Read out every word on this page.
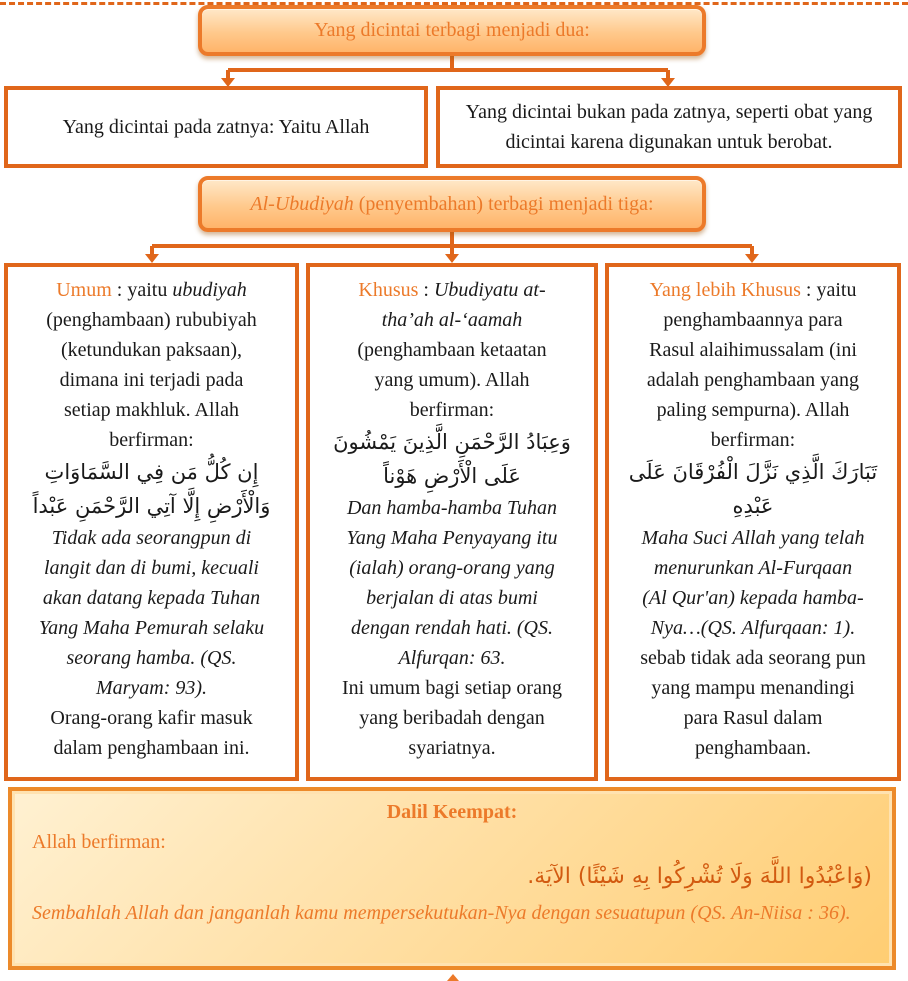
Yang dicintai terbagi menjadi dua:
Yang dicintai pada zatnya: Yaitu Allah
Yang dicintai bukan pada zatnya, seperti obat yang dicintai karena digunakan untuk berobat.
Al-Ubudiyah (penyembahan) terbagi menjadi tiga:
Umum : yaitu ubudiyah
(penghambaan) rububiyah
(ketundukan paksaan),
dimana ini terjadi pada
setiap makhluk. Allah
berfirman:
إِن كُلُّ مَن فِي السَّمَاوَاتِ
وَالْأَرْضِ إِلَّا آتِي الرَّحْمَنِ عَبْداً
Tidak ada seorangpun di
langit dan di bumi, kecuali
akan datang kepada Tuhan
Yang Maha Pemurah selaku
seorang hamba. (QS.
Maryam: 93).
Orang-orang kafir masuk
dalam penghambaan ini.
Khusus : Ubudiyatu at-
tha’ah al-‘aamah
(penghambaan ketaatan
yang umum). Allah
berfirman:
وَعِبَادُ الرَّحْمَنِ الَّذِينَ يَمْشُونَ
عَلَى الْأَرْضِ هَوْناً
Dan hamba-hamba Tuhan
Yang Maha Penyayang itu
(ialah) orang-orang yang
berjalan di atas bumi
dengan rendah hati. (QS.
Alfurqan: 63.
Ini umum bagi setiap orang
yang beribadah dengan
syariatnya.
Yang lebih Khusus : yaitu
penghambaannya para
Rasul alaihimussalam (ini
adalah penghambaan yang
paling sempurna). Allah
berfirman:
تَبَارَكَ الَّذِي نَزَّلَ الْفُرْقَانَ عَلَى
عَبْدِهِ
Maha Suci Allah yang telah
menurunkan Al-Furqaan
(Al Qur'an) kepada hamba-
Nya…(QS. Alfurqaan: 1).
sebab tidak ada seorang pun
yang mampu menandingi
para Rasul dalam
penghambaan.
Dalil Keempat:
Allah berfirman:
(وَاعْبُدُوا اللَّهَ وَلَا تُشْرِكُوا بِهِ شَيْئًا) الآيَة.
Sembahlah Allah dan janganlah kamu mempersekutukan-Nya dengan sesuatupun (QS. An-Niisa : 36).
